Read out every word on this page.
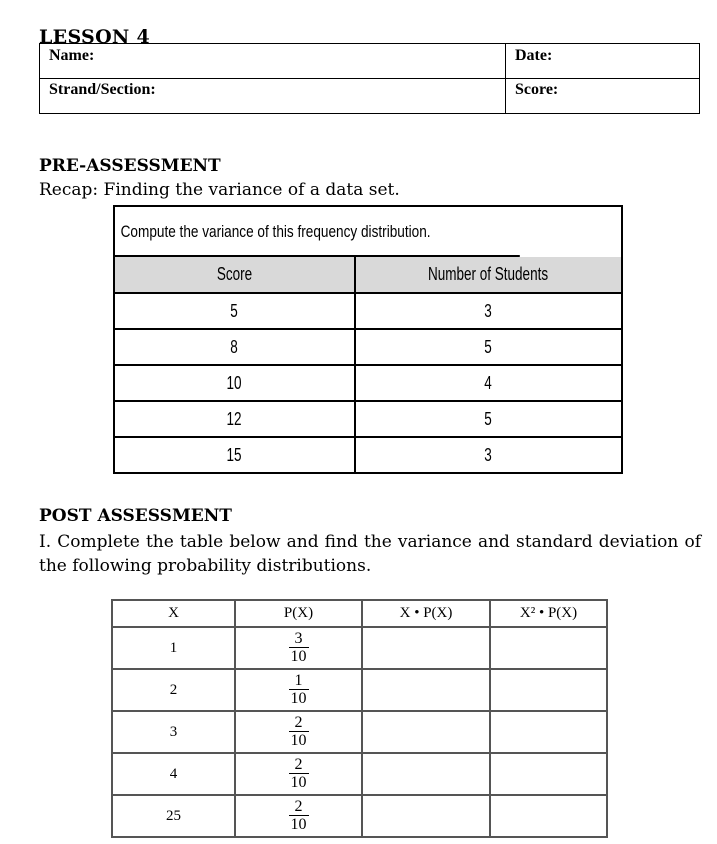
LESSON 4
Name:	Date:
Strand/Section:	Score:
PRE-ASSESSMENT
Recap: Finding the variance of a data set.
Compute the variance of this frequency distribution.
Score	Number of Students
5	3
8	5
10	4
12	5
15	3
POST ASSESSMENT
I. Complete the table below and find the variance and standard deviation of the following probability distributions.
X	P(X)	X • P(X)	X² • P(X)
1	$\frac{3}{10}$

2	$\frac{1}{10}$

3	$\frac{2}{10}$

4	$\frac{2}{10}$

25	$\frac{2}{10}$
